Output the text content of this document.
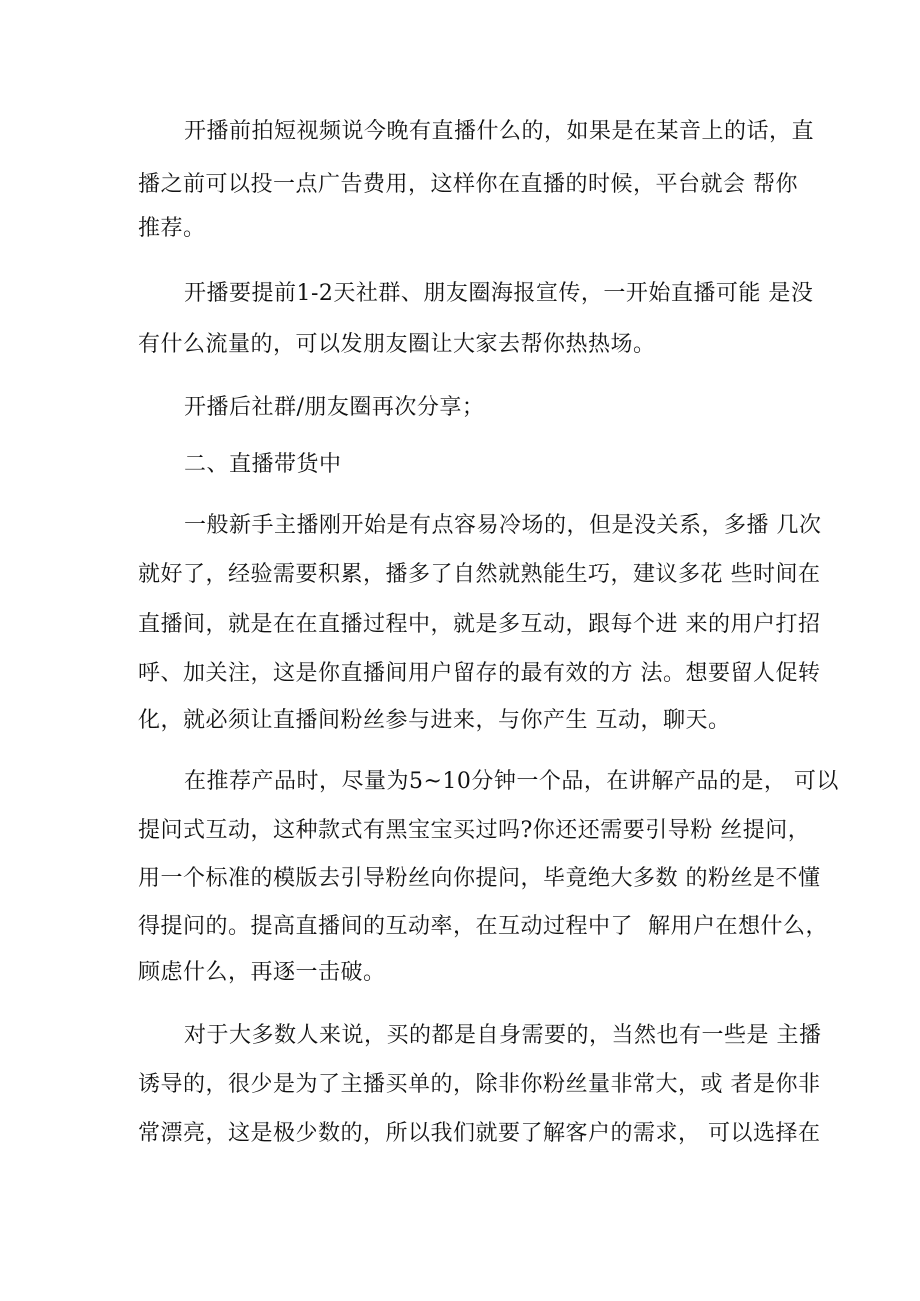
开播前拍短视频说今晚有直播什么的，如果是在某音上的话，直
播之前可以投一点广告费用，这样你在直播的时候，平台就会 帮你
推荐。
开播要提前1-2天社群、朋友圈海报宣传，一开始直播可能 是没
有什么流量的，可以发朋友圈让大家去帮你热热场。
开播后社群/朋友圈再次分享；
二、直播带货中
一般新手主播刚开始是有点容易冷场的，但是没关系，多播 几次
就好了，经验需要积累，播多了自然就熟能生巧，建议多花 些时间在
直播间，就是在在直播过程中，就是多互动，跟每个进 来的用户打招
呼、加关注，这是你直播间用户留存的最有效的方 法。想要留人促转
化，就必须让直播间粉丝参与进来，与你产生 互动，聊天。
在推荐产品时，尽量为5~10分钟一个品，在讲解产品的是， 可以
提问式互动，这种款式有黑宝宝买过吗?你还还需要引导粉 丝提问，
用一个标准的模版去引导粉丝向你提问，毕竟绝大多数 的粉丝是不懂
得提问的。提高直播间的互动率，在互动过程中了  解用户在想什么，
顾虑什么，再逐一击破。
对于大多数人来说，买的都是自身需要的，当然也有一些是 主播
诱导的，很少是为了主播买单的，除非你粉丝量非常大，或 者是你非
常漂亮，这是极少数的，所以我们就要了解客户的需求， 可以选择在
